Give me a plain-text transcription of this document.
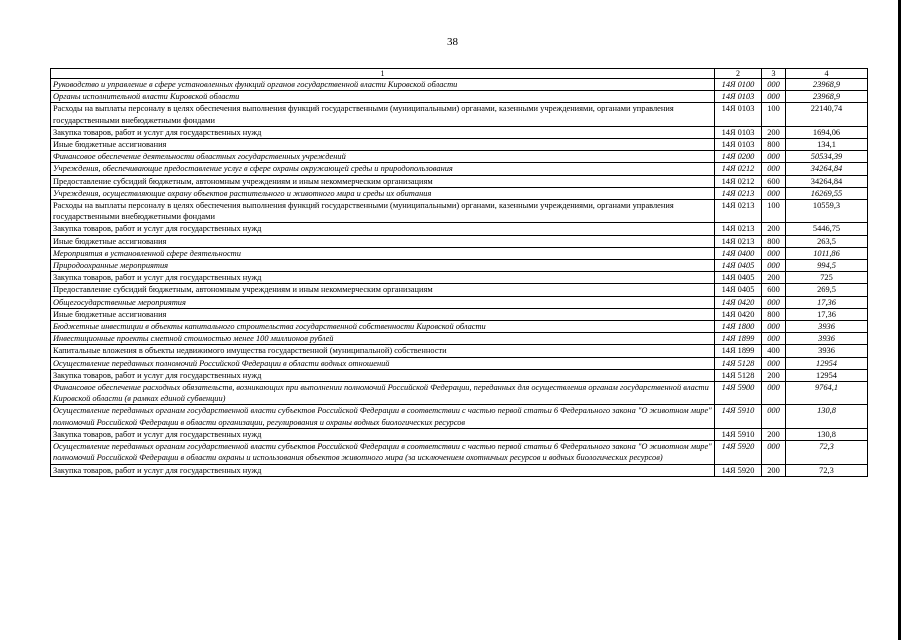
38
1	2	3	4
Руководство и управление в сфере установленных функций органов государственной власти Кировской области	14Я 0100	000	23968,9
Органы исполнительной власти Кировской области	14Я 0103	000	23968,9
Расходы на выплаты персоналу в целях обеспечения выполнения функций государственными (муниципальными) органами, казенными учреждениями, органами управления государственными внебюджетными фондами	14Я 0103	100	22140,74
Закупка товаров, работ и услуг для государственных нужд	14Я 0103	200	1694,06
Иные бюджетные ассигнования	14Я 0103	800	134,1
Финансовое обеспечение деятельности областных государственных учреждений	14Я 0200	000	50534,39
Учреждения, обеспечивающие предоставление услуг в сфере охраны окружающей среды и природопользования	14Я 0212	000	34264,84
Предоставление субсидий бюджетным, автономным учреждениям и иным некоммерческим организациям	14Я 0212	600	34264,84
Учреждения, осуществляющие охрану объектов растительного и животного мира и среды их обитания	14Я 0213	000	16269,55
Расходы на выплаты персоналу в целях обеспечения выполнения функций государственными (муниципальными) органами, казенными учреждениями, органами управления государственными внебюджетными фондами	14Я 0213	100	10559,3
Закупка товаров, работ и услуг для государственных нужд	14Я 0213	200	5446,75
Иные бюджетные ассигнования	14Я 0213	800	263,5
Мероприятия в установленной сфере деятельности	14Я 0400	000	1011,86
Природоохранные мероприятия	14Я 0405	000	994,5
Закупка товаров, работ и услуг для государственных нужд	14Я 0405	200	725
Предоставление субсидий бюджетным, автономным учреждениям и иным некоммерческим организациям	14Я 0405	600	269,5
Общегосударственные мероприятия	14Я 0420	000	17,36
Иные бюджетные ассигнования	14Я 0420	800	17,36
Бюджетные инвестиции в объекты капитального строительства государственной собственности Кировской области	14Я 1800	000	3936
Инвестиционные проекты сметной стоимостью менее 100 миллионов рублей	14Я 1899	000	3936
Капитальные вложения в объекты недвижимого имущества государственной (муниципальной) собственности	14Я 1899	400	3936
Осуществление переданных полномочий Российской Федерации в области водных отношений	14Я 5128	000	12954
Закупка товаров, работ и услуг для государственных нужд	14Я 5128	200	12954
Финансовое обеспечение расходных обязательств, возникающих при выполнении полномочий Российской Федерации, переданных для осуществления органам государственной власти Кировской области (в рамках единой субвенции)	14Я 5900	000	9764,1
Осуществление переданных органам государственной власти субъектов Российской Федерации в соответствии с частью первой статьи 6 Федерального закона "О животном мире" полномочий Российской Федерации в области организации, регулирования и охраны водных биологических ресурсов	14Я 5910	000	130,8
Закупка товаров, работ и услуг для государственных нужд	14Я 5910	200	130,8
Осуществление переданных органам государственной власти субъектов Российской Федерации в соответствии с частью первой статьи 6 Федерального закона "О животном мире" полномочий Российской Федерации в области охраны и использования объектов животного мира (за исключением охотничьих ресурсов и водных биологических ресурсов)	14Я 5920	000	72,3
Закупка товаров, работ и услуг для государственных нужд	14Я 5920	200	72,3
